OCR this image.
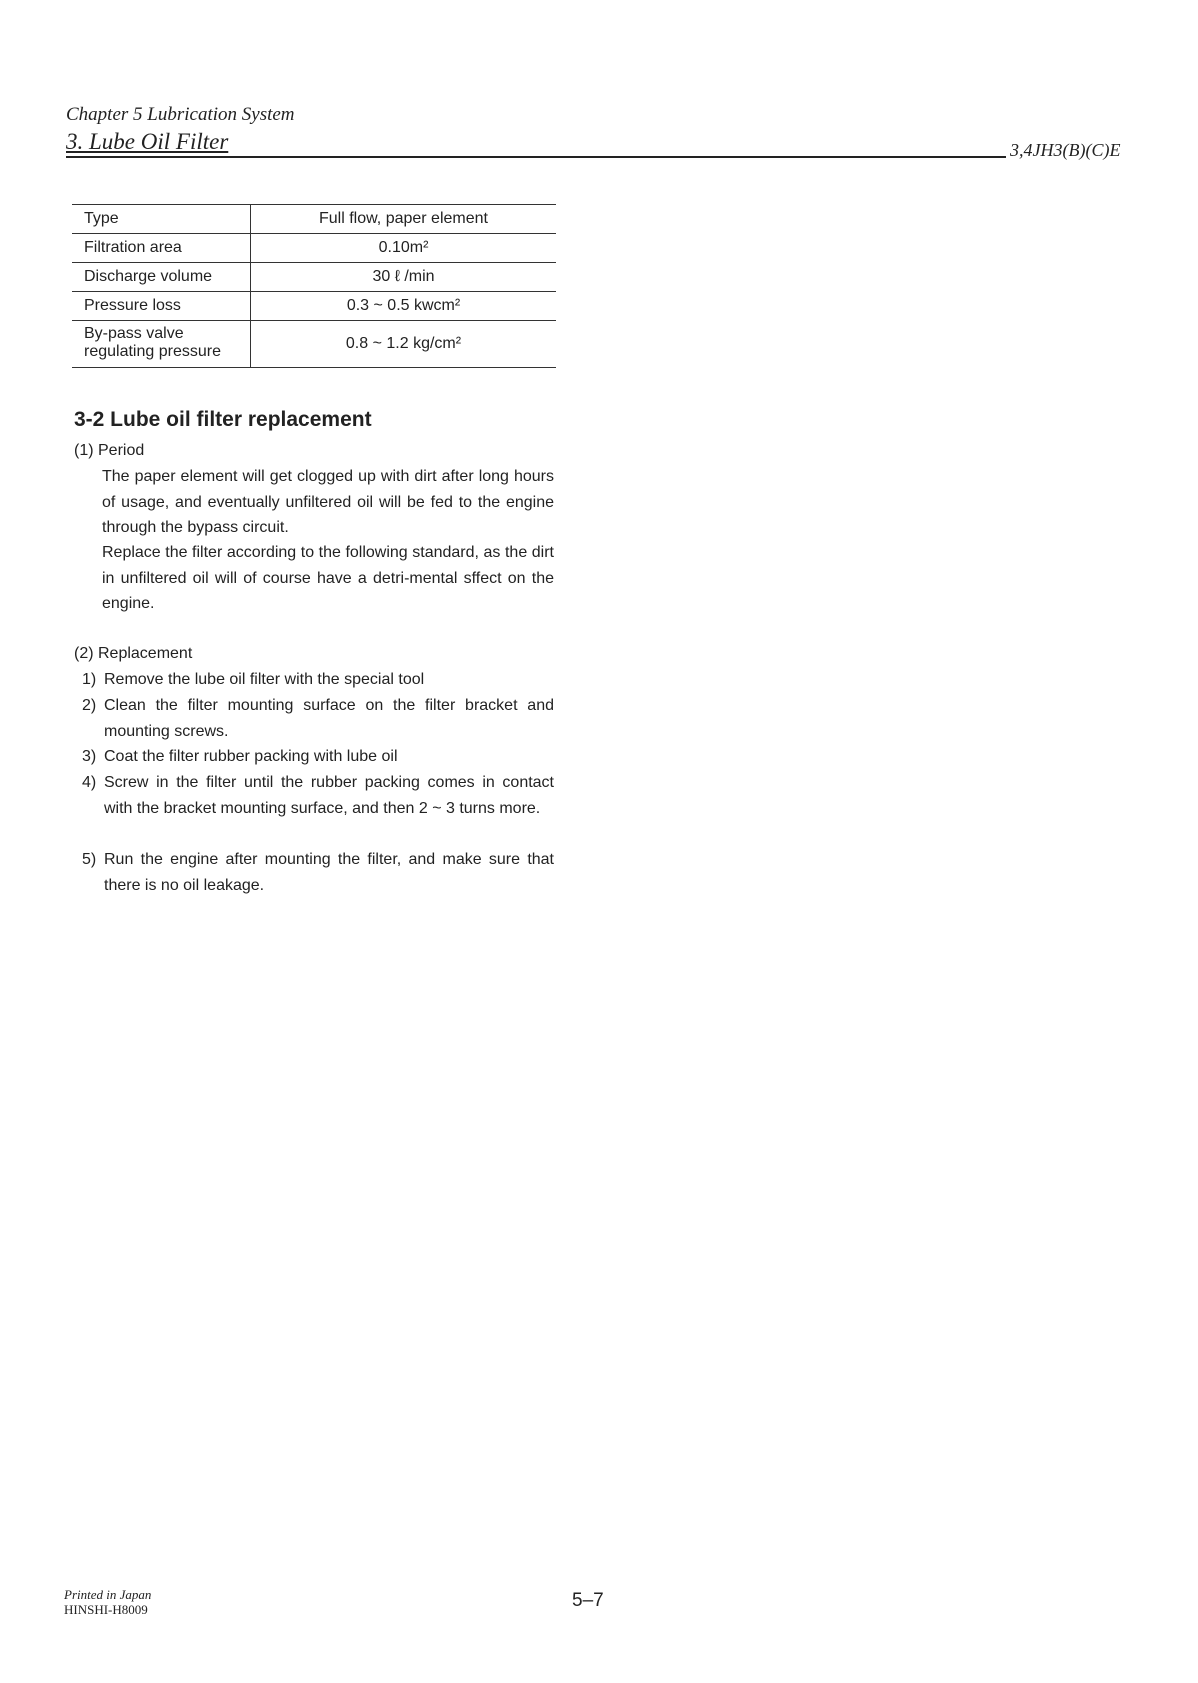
Chapter 5 Lubrication System
3. Lube Oil Filter	3,4JH3(B)(C)E
Type	Full flow, paper element
Filtration area	0.10m²
Discharge volume	30 ℓ /min
Pressure loss	0.3 ~ 0.5 kwcm²

By-pass valve
regulating pressure	0.8 ~ 1.2 kg/cm²
3-2 Lube oil filter replacement

(1) Period

The paper element will get clogged up with dirt after long hours of usage, and eventually unfiltered oil will be fed to the engine through the bypass circuit.

Replace the filter according to the following standard, as the dirt in unfiltered oil will of course have a detri-mental sffect on the engine.

(2) Replacement

1) Remove the lube oil filter with the special tool
2) Clean the filter mounting surface on the filter bracket and mounting screws.
3) Coat the filter rubber packing with lube oil
4) Screw in the filter until the rubber packing comes in contact with the bracket mounting surface, and then 2 ~ 3 turns more.
5) Run the engine after mounting the filter, and make sure that there is no oil leakage.
Printed in Japan
HINSHI-H8009	5–7
